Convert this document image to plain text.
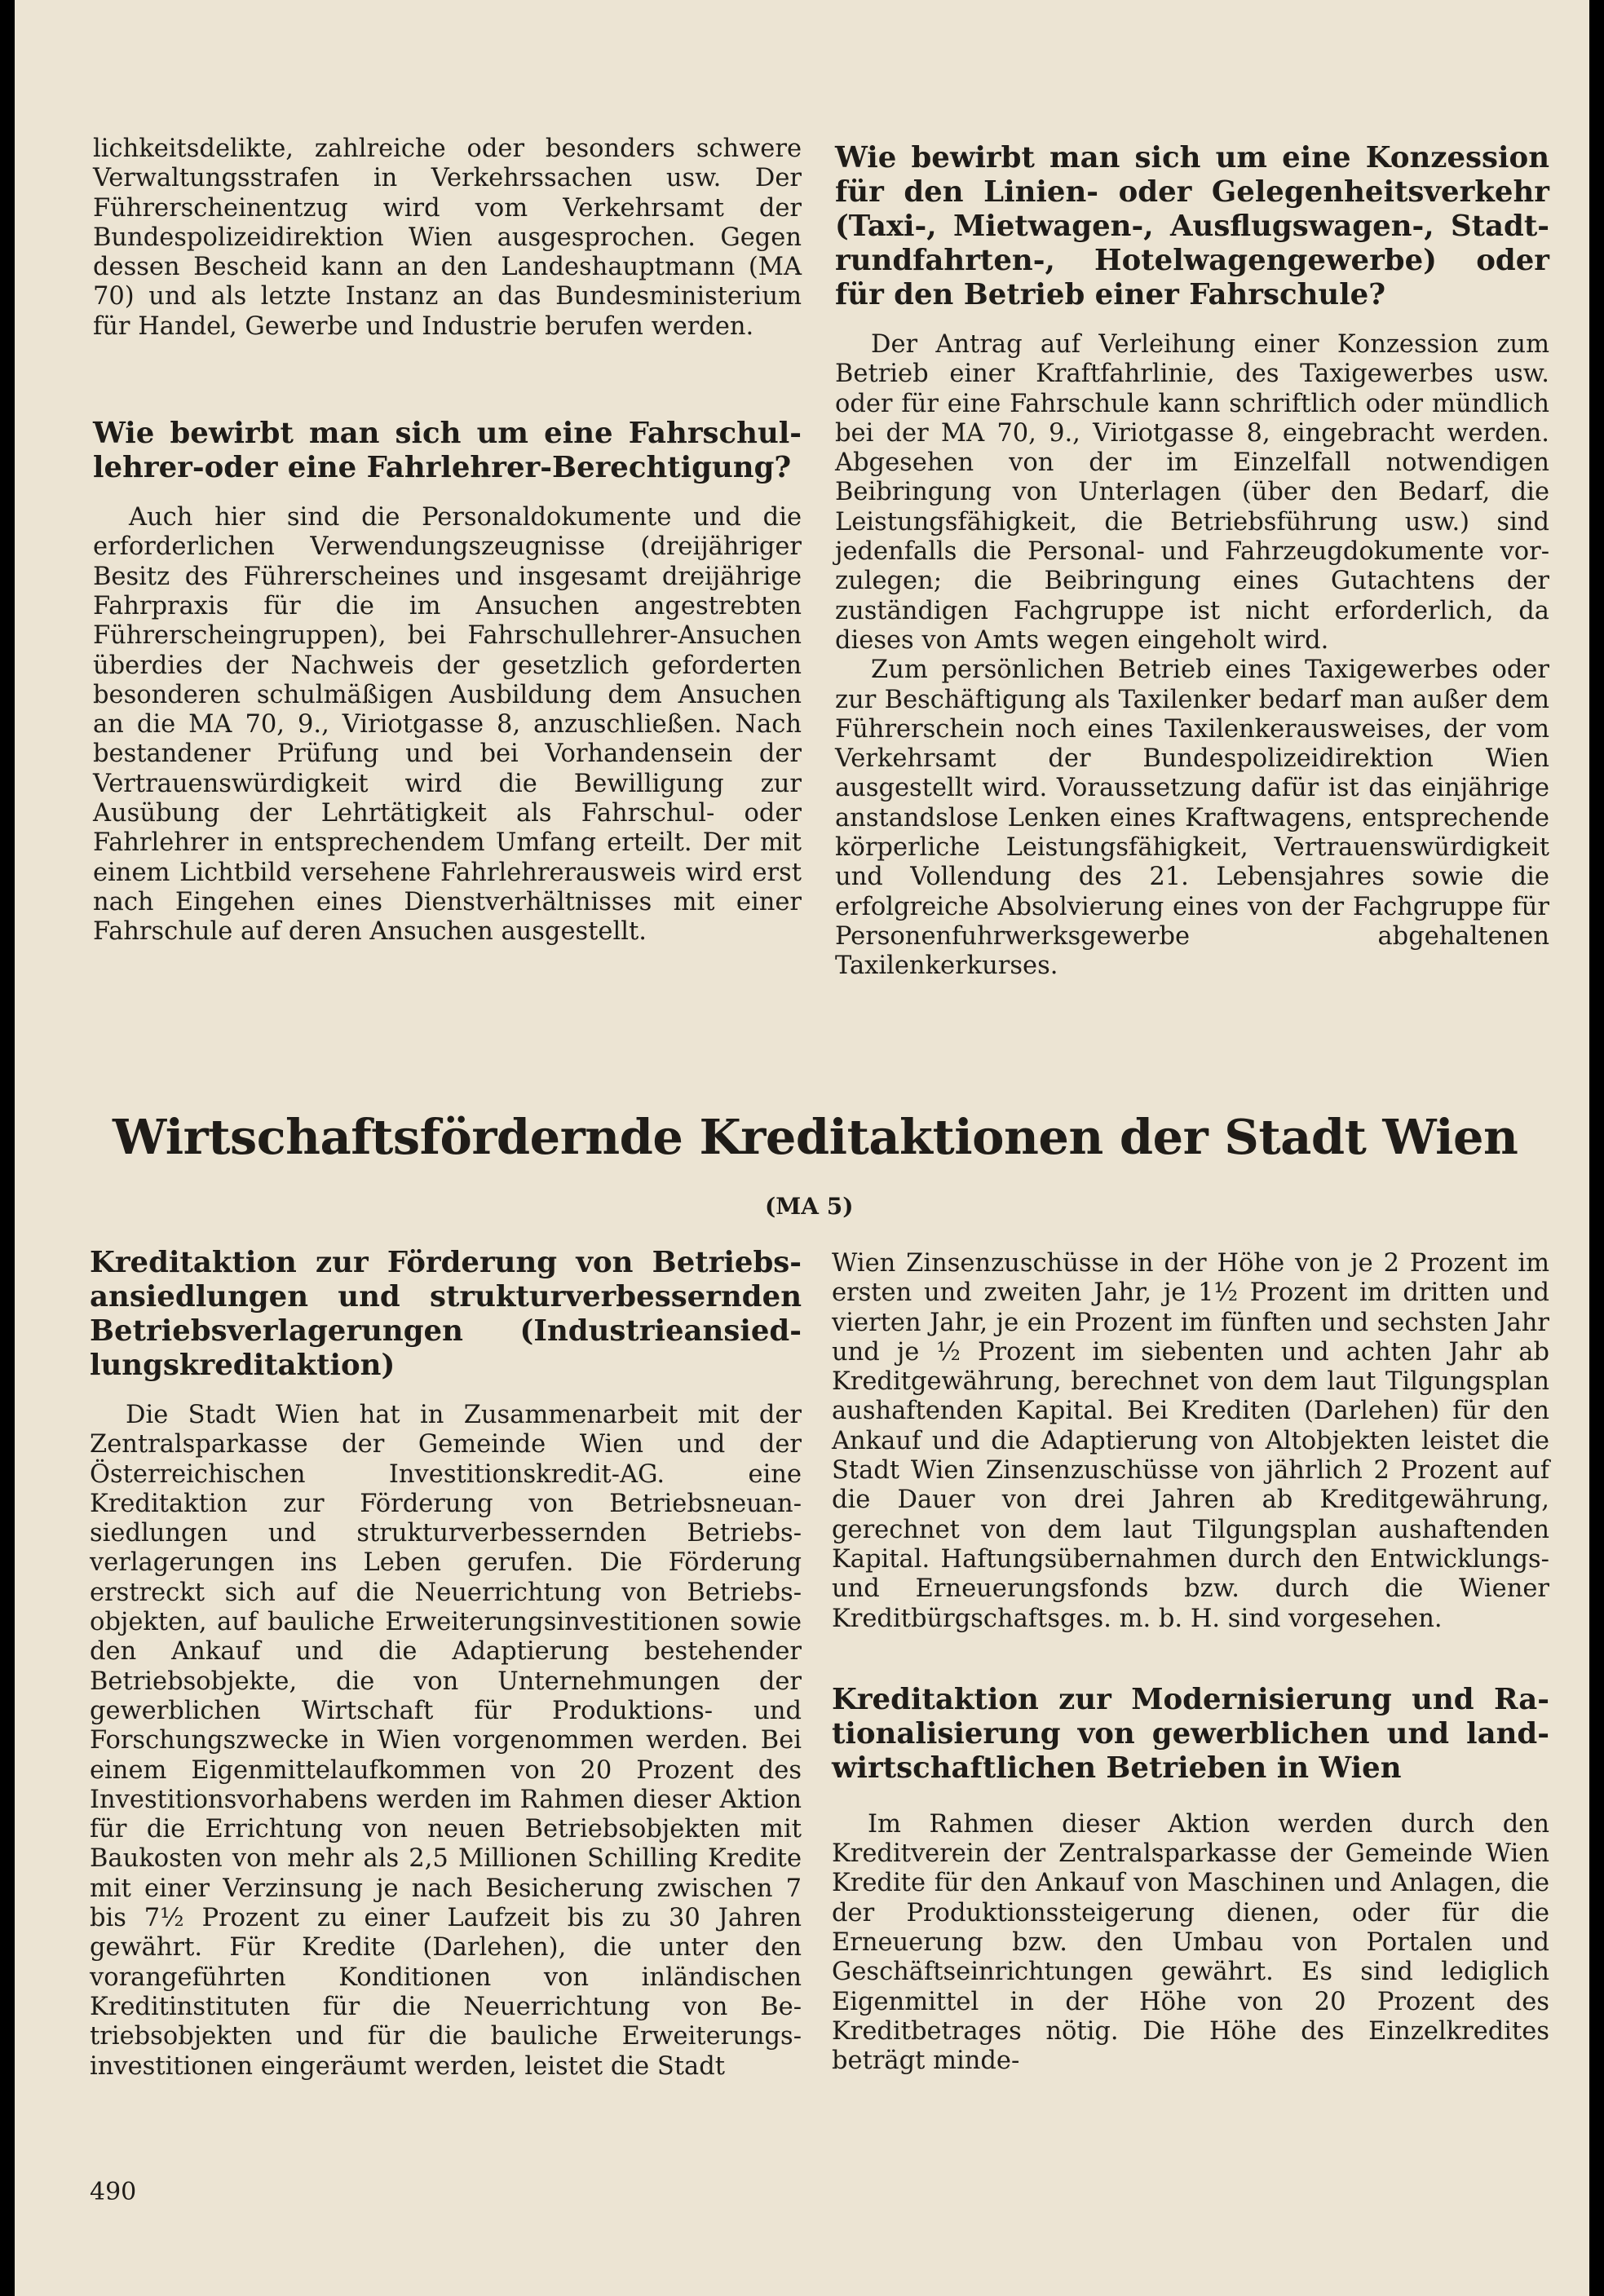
lichkeitsdelikte, zahlreiche oder besonders schwere Verwaltungsstrafen in Verkehrssachen usw. Der Führerscheinentzug wird vom Verkehrsamt der Bundespolizeidirektion Wien ausgesprochen. Gegen dessen Bescheid kann an den Landeshauptmann (MA 70) und als letzte Instanz an das Bundesministerium für Handel, Gewerbe und Industrie berufen werden.

Wie bewirbt man sich um eine Fahrschullehrer-oder eine Fahrlehrer-Berechtigung?

Auch hier sind die Personaldokumente und die erforderlichen Verwendungszeugnisse (dreijähriger Besitz des Führerscheines und insgesamt dreijährige Fahrpraxis für die im Ansuchen angestrebten Führerscheingruppen), bei Fahrschullehrer-Ansuchen überdies der Nachweis der gesetzlich geforderten besonderen schulmäßigen Ausbildung dem Ansuchen an die MA 70, 9., Viriotgasse 8, anzuschließen. Nach bestandener Prüfung und bei Vorhandensein der Vertrauenswürdigkeit wird die Bewilligung zur Ausübung der Lehrtätigkeit als Fahrschul- oder Fahrlehrer in entsprechendem Umfang erteilt. Der mit einem Lichtbild versehene Fahrlehrerausweis wird erst nach Eingehen eines Dienstverhältnisses mit einer Fahrschule auf deren Ansuchen ausgestellt.

Wie bewirbt man sich um eine Konzession für den Linien- oder Gelegenheitsverkehr (Taxi-, Mietwagen-, Ausflugswagen-, Stadtrundfahrten-, Hotelwagengewerbe) oder für den Betrieb einer Fahrschule?

Der Antrag auf Verleihung einer Konzession zum Betrieb einer Kraftfahrlinie, des Taxigewerbes usw. oder für eine Fahrschule kann schriftlich oder mündlich bei der MA 70, 9., Viriotgasse 8, eingebracht werden. Abgesehen von der im Einzelfall notwendigen Beibringung von Unterlagen (über den Bedarf, die Leistungsfähigkeit, die Betriebsführung usw.) sind jedenfalls die Personal- und Fahrzeugdokumente vorzulegen; die Beibringung eines Gutachtens der zuständigen Fachgruppe ist nicht erforderlich, da dieses von Amts wegen eingeholt wird.

Zum persönlichen Betrieb eines Taxigewerbes oder zur Beschäftigung als Taxilenker bedarf man außer dem Führerschein noch eines Taxilenkerausweises, der vom Verkehrsamt der Bundespolizeidirektion Wien ausgestellt wird. Voraussetzung dafür ist das einjährige anstandslose Lenken eines Kraftwagens, entsprechende körperliche Leistungsfähigkeit, Vertrauenswürdigkeit und Vollendung des 21. Lebensjahres sowie die erfolgreiche Absolvierung eines von der Fachgruppe für Personenfuhrwerksgewerbe abgehaltenen Taxilenkerkurses.

Wirtschaftsfördernde Kreditaktionen der Stadt Wien
(MA 5)
Kreditaktion zur Förderung von Betriebsansiedlungen und strukturverbessernden Betriebsverlagerungen (Industrieansiedlungskreditaktion)

Die Stadt Wien hat in Zusammenarbeit mit der Zentralsparkasse der Gemeinde Wien und der Österreichischen Investitionskredit-AG. eine Kreditaktion zur Förderung von Betriebsneuansiedlungen und strukturverbessernden Betriebsverlagerungen ins Leben gerufen. Die Förderung erstreckt sich auf die Neuerrichtung von Betriebsobjekten, auf bauliche Erweiterungsinvestitionen sowie den Ankauf und die Adaptierung bestehender Betriebsobjekte, die von Unternehmungen der gewerblichen Wirtschaft für Produktions- und Forschungszwecke in Wien vorgenommen werden. Bei einem Eigenmittelaufkommen von 20 Prozent des Investitionsvorhabens werden im Rahmen dieser Aktion für die Errichtung von neuen Betriebsobjekten mit Baukosten von mehr als 2,5 Millionen Schilling Kredite mit einer Verzinsung je nach Besicherung zwischen 7 bis 7½ Prozent zu einer Laufzeit bis zu 30 Jahren gewährt. Für Kredite (Darlehen), die unter den vorangeführten Konditionen von inländischen Kreditinstituten für die Neuerrichtung von Betriebsobjekten und für die bauliche Erweiterungsinvestitionen eingeräumt werden, leistet die Stadt

Wien Zinsenzuschüsse in der Höhe von je 2 Prozent im ersten und zweiten Jahr, je 1½ Prozent im dritten und vierten Jahr, je ein Prozent im fünften und sechsten Jahr und je ½ Prozent im siebenten und achten Jahr ab Kreditgewährung, berechnet von dem laut Tilgungsplan aushaftenden Kapital. Bei Krediten (Darlehen) für den Ankauf und die Adaptierung von Altobjekten leistet die Stadt Wien Zinsenzuschüsse von jährlich 2 Prozent auf die Dauer von drei Jahren ab Kreditgewährung, gerechnet von dem laut Tilgungsplan aushaftenden Kapital. Haftungsübernahmen durch den Entwicklungs- und Erneuerungsfonds bzw. durch die Wiener Kreditbürgschaftsges. m. b. H. sind vorgesehen.

Kreditaktion zur Modernisierung und Rationalisierung von gewerblichen und landwirtschaftlichen Betrieben in Wien

Im Rahmen dieser Aktion werden durch den Kreditverein der Zentralsparkasse der Gemeinde Wien Kredite für den Ankauf von Maschinen und Anlagen, die der Produktionssteigerung dienen, oder für die Erneuerung bzw. den Umbau von Portalen und Geschäftseinrichtungen gewährt. Es sind lediglich Eigenmittel in der Höhe von 20 Prozent des Kreditbetrages nötig. Die Höhe des Einzelkredites beträgt minde-

490
